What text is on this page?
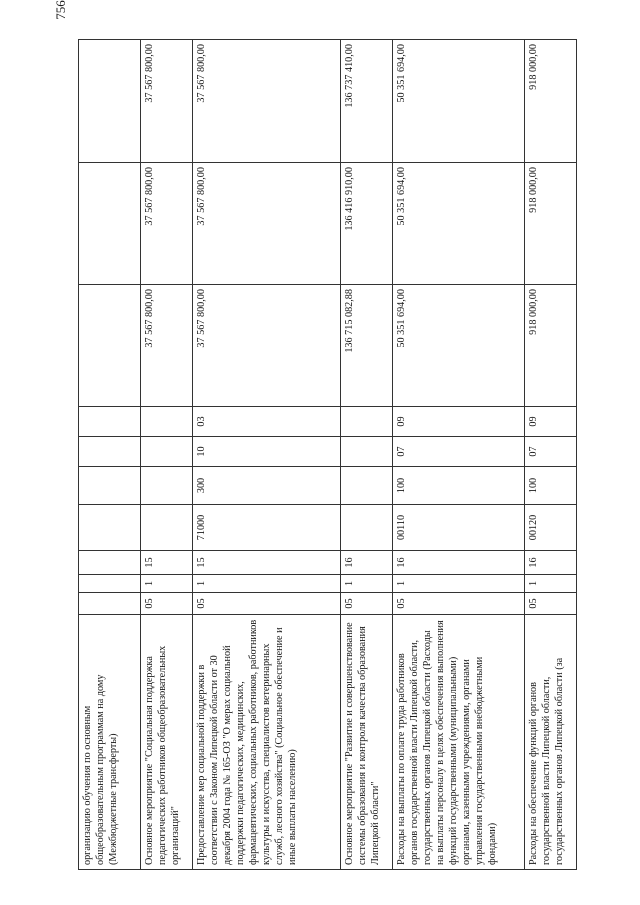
756
организацию обучения по основным общеобразовательным программам на дому (Межбюджетные трансферты)										
Основное мероприятие "Социальная поддержка педагогических работников общеобразовательных организаций"	05	1	15					37 567 800,00	37 567 800,00	37 567 800,00
Предоставление мер социальной поддержки в соответствии с Законом Липецкой области от 30 декабря 2004 года № 165-ОЗ "О мерах социальной поддержки педагогических, медицинских, фармацевтических, социальных работников, работников культуры и искусства, специалистов ветеринарных служб, лесного хозяйства" (Социальное обеспечение и иные выплаты населению)	05	1	15	71000	300	10	03	37 567 800,00	37 567 800,00	37 567 800,00
Основное мероприятие "Развитие и совершенствование системы образования и контроля качества образования Липецкой области"	05	1	16					136 715 082,88	136 416 910,00	136 737 410,00
Расходы на выплаты по оплате труда работников органов государственной власти Липецкой области, государственных органов Липецкой области (Расходы на выплаты персоналу в целях обеспечения выполнения функций государственными (муниципальными) органами, казенными учреждениями, органами управления государственными внебюджетными фондами)	05	1	16	00110	100	07	09	50 351 694,00	50 351 694,00	50 351 694,00
Расходы на обеспечение функций органов государственной власти Липецкой области, государственных органов Липецкой области (за	05	1	16	00120	100	07	09	918 000,00	918 000,00	918 000,00
